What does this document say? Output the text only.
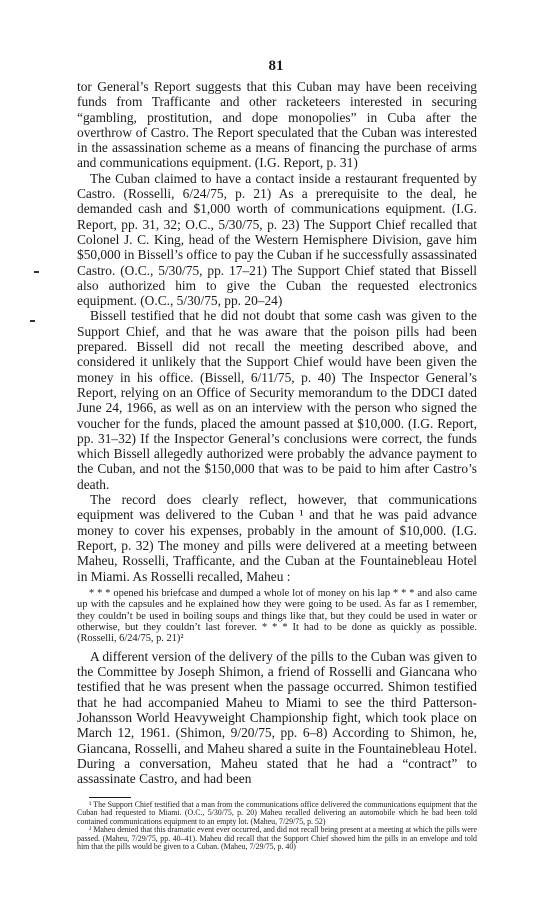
81

tor General’s Report suggests that this Cuban may have been receiving funds from Trafficante and other racketeers interested in securing “gambling, prostitution, and dope monopolies” in Cuba after the overthrow of Castro. The Report speculated that the Cuban was interested in the assassination scheme as a means of financing the purchase of arms and communications equipment. (I.G. Report, p. 31)

The Cuban claimed to have a contact inside a restaurant frequented by Castro. (Rosselli, 6/24/75, p. 21) As a prerequisite to the deal, he demanded cash and $1,000 worth of communications equipment. (I.G. Report, pp. 31, 32; O.C., 5/30/75, p. 23) The Support Chief recalled that Colonel J. C. King, head of the Western Hemisphere Division, gave him $50,000 in Bissell’s office to pay the Cuban if he successfully assassinated Castro. (O.C., 5/30/75, pp. 17–21) The Support Chief stated that Bissell also authorized him to give the Cuban the requested electronics equipment. (O.C., 5/30/75, pp. 20–24)

Bissell testified that he did not doubt that some cash was given to the Support Chief, and that he was aware that the poison pills had been prepared. Bissell did not recall the meeting described above, and considered it unlikely that the Support Chief would have been given the money in his office. (Bissell, 6/11/75, p. 40) The Inspector General’s Report, relying on an Office of Security memorandum to the DDCI dated June 24, 1966, as well as on an interview with the person who signed the voucher for the funds, placed the amount passed at $10,000. (I.G. Report, pp. 31–32) If the Inspector General’s conclusions were correct, the funds which Bissell allegedly authorized were probably the advance payment to the Cuban, and not the $150,000 that was to be paid to him after Castro’s death.

The record does clearly reflect, however, that communications equipment was delivered to the Cuban ¹ and that he was paid advance money to cover his expenses, probably in the amount of $10,000. (I.G. Report, p. 32) The money and pills were delivered at a meeting between Maheu, Rosselli, Trafficante, and the Cuban at the Fountainebleau Hotel in Miami. As Rosselli recalled, Maheu :

* * * opened his briefcase and dumped a whole lot of money on his lap * * * and also came up with the capsules and he explained how they were going to be used. As far as I remember, they couldn’t be used in boiling soups and things like that, but they could be used in water or otherwise, but they couldn’t last forever. * * * It had to be done as quickly as possible. (Rosselli, 6/24/75, p. 21)²

A different version of the delivery of the pills to the Cuban was given to the Committee by Joseph Shimon, a friend of Rosselli and Giancana who testified that he was present when the passage occurred. Shimon testified that he had accompanied Maheu to Miami to see the third Patterson-Johansson World Heavyweight Championship fight, which took place on March 12, 1961. (Shimon, 9/20/75, pp. 6–8) According to Shimon, he, Giancana, Rosselli, and Maheu shared a suite in the Fountainebleau Hotel. During a conversation, Maheu stated that he had a “contract” to assassinate Castro, and had been

¹ The Support Chief testified that a man from the communications office delivered the communications equipment that the Cuban had requested to Miami. (O.C., 5/30/75, p. 20) Maheu recalled delivering an automobile which he had been told contained communications equipment to an empty lot. (Maheu, 7/29/75, p. 52)

² Maheu denied that this dramatic event ever occurred, and did not recall being present at a meeting at which the pills were passed. (Maheu, 7/29/75, pp. 40–41). Maheu did recall that the Support Chief showed him the pills in an envelope and told him that the pills would be given to a Cuban. (Maheu, 7/29/75, p. 40)
